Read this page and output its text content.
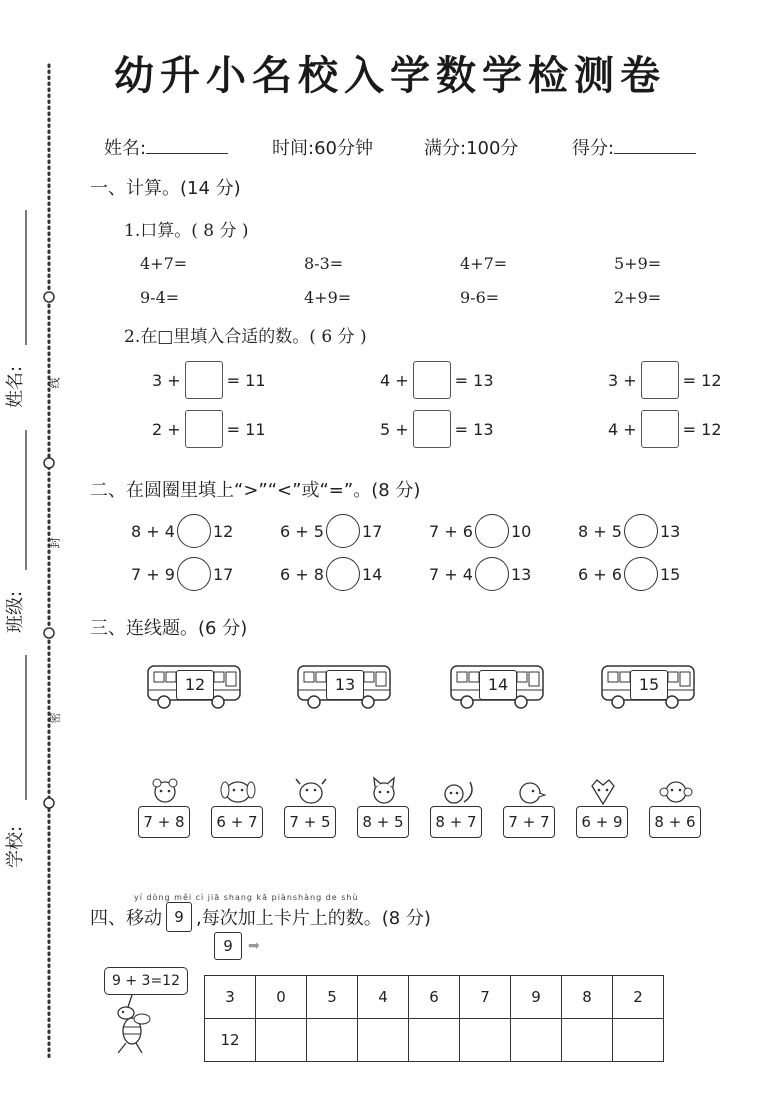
姓名:
班级:
学校:
线
封
密
幼升小名校入学数学检测卷
姓名:	时间:60分钟	满分:100分	得分:
一、计算。(14 分)
1.口算。( 8 分 )
4+7=	8-3=	4+7=	5+9=
9-4=	4+9=	9-6=	2+9=
2.在□里填入合适的数。( 6 分 )
3 +	= 11	4 +	= 13	3 +	= 12
2 +	= 11	5 +	= 13	4 +	= 12
二、在圆圈里填上“>”“<”或“=”。(8 分)
8 + 4 12	6 + 5 17	7 + 6 10	8 + 5 13
7 + 9 17	6 + 8 14	7 + 4 13	6 + 6 15
三、连线题。(6 分)
12	13	14	15
7 + 8	6 + 7	7 + 5	8 + 5	8 + 7	7 + 7	6 + 9	8 + 6
yí dòng měi cì jiā shang kǎ piànshàng de shù
四、移动 9 ,每次加上卡片上的数。(8 分)
9	➡
9 + 3=12
3	0	5	4	6	7	9	8	2
12								
